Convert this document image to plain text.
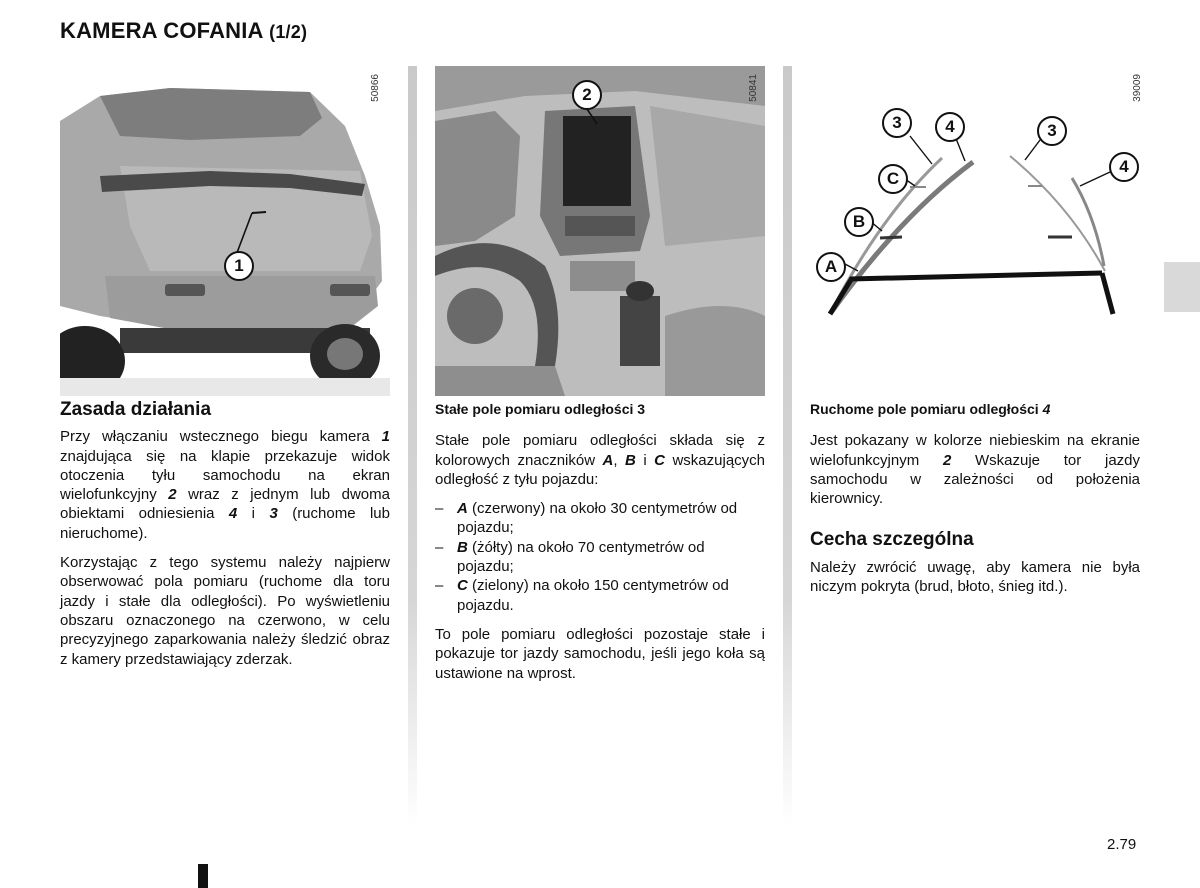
KAMERA COFANIA (1/2)
1
50866	2	50841
3	4	3
4
C
B
A
39009
Zasada działania

Przy włączaniu wstecznego biegu kamera 1 znajdująca się na klapie przekazuje widok otoczenia tyłu samochodu na ekran wielofunkcyjny 2 wraz z jednym lub dwoma obiektami odniesienia 4 i 3 (ruchome lub nieruchome).

Korzystając z tego systemu należy najpierw obserwować pola pomiaru (ruchome dla toru jazdy i stałe dla odległości). Po wyświetleniu obszaru oznaczonego na czerwono, w celu precyzyjnego zaparkowania należy śledzić obraz z kamery przedstawiający zderzak.

Stałe pole pomiaru odległości 3

Stałe pole pomiaru odległości składa się z kolorowych znaczników A, B i C wskazujących odległość z tyłu pojazdu:

– A (czerwony) na około 30 centymetrów od pojazdu;
– B (żółty) na około 70 centymetrów od pojazdu;
– C (zielony) na około 150 centymetrów od pojazdu.

To pole pomiaru odległości pozostaje stałe i pokazuje tor jazdy samochodu, jeśli jego koła są ustawione na wprost.

Ruchome pole pomiaru odległości 4

Jest pokazany w kolorze niebieskim na ekranie wielofunkcyjnym 2 Wskazuje tor jazdy samochodu w zależności od położenia kierownicy.

Cecha szczególna

Należy zwrócić uwagę, aby kamera nie była niczym pokryta (brud, błoto, śnieg itd.).

2.79
